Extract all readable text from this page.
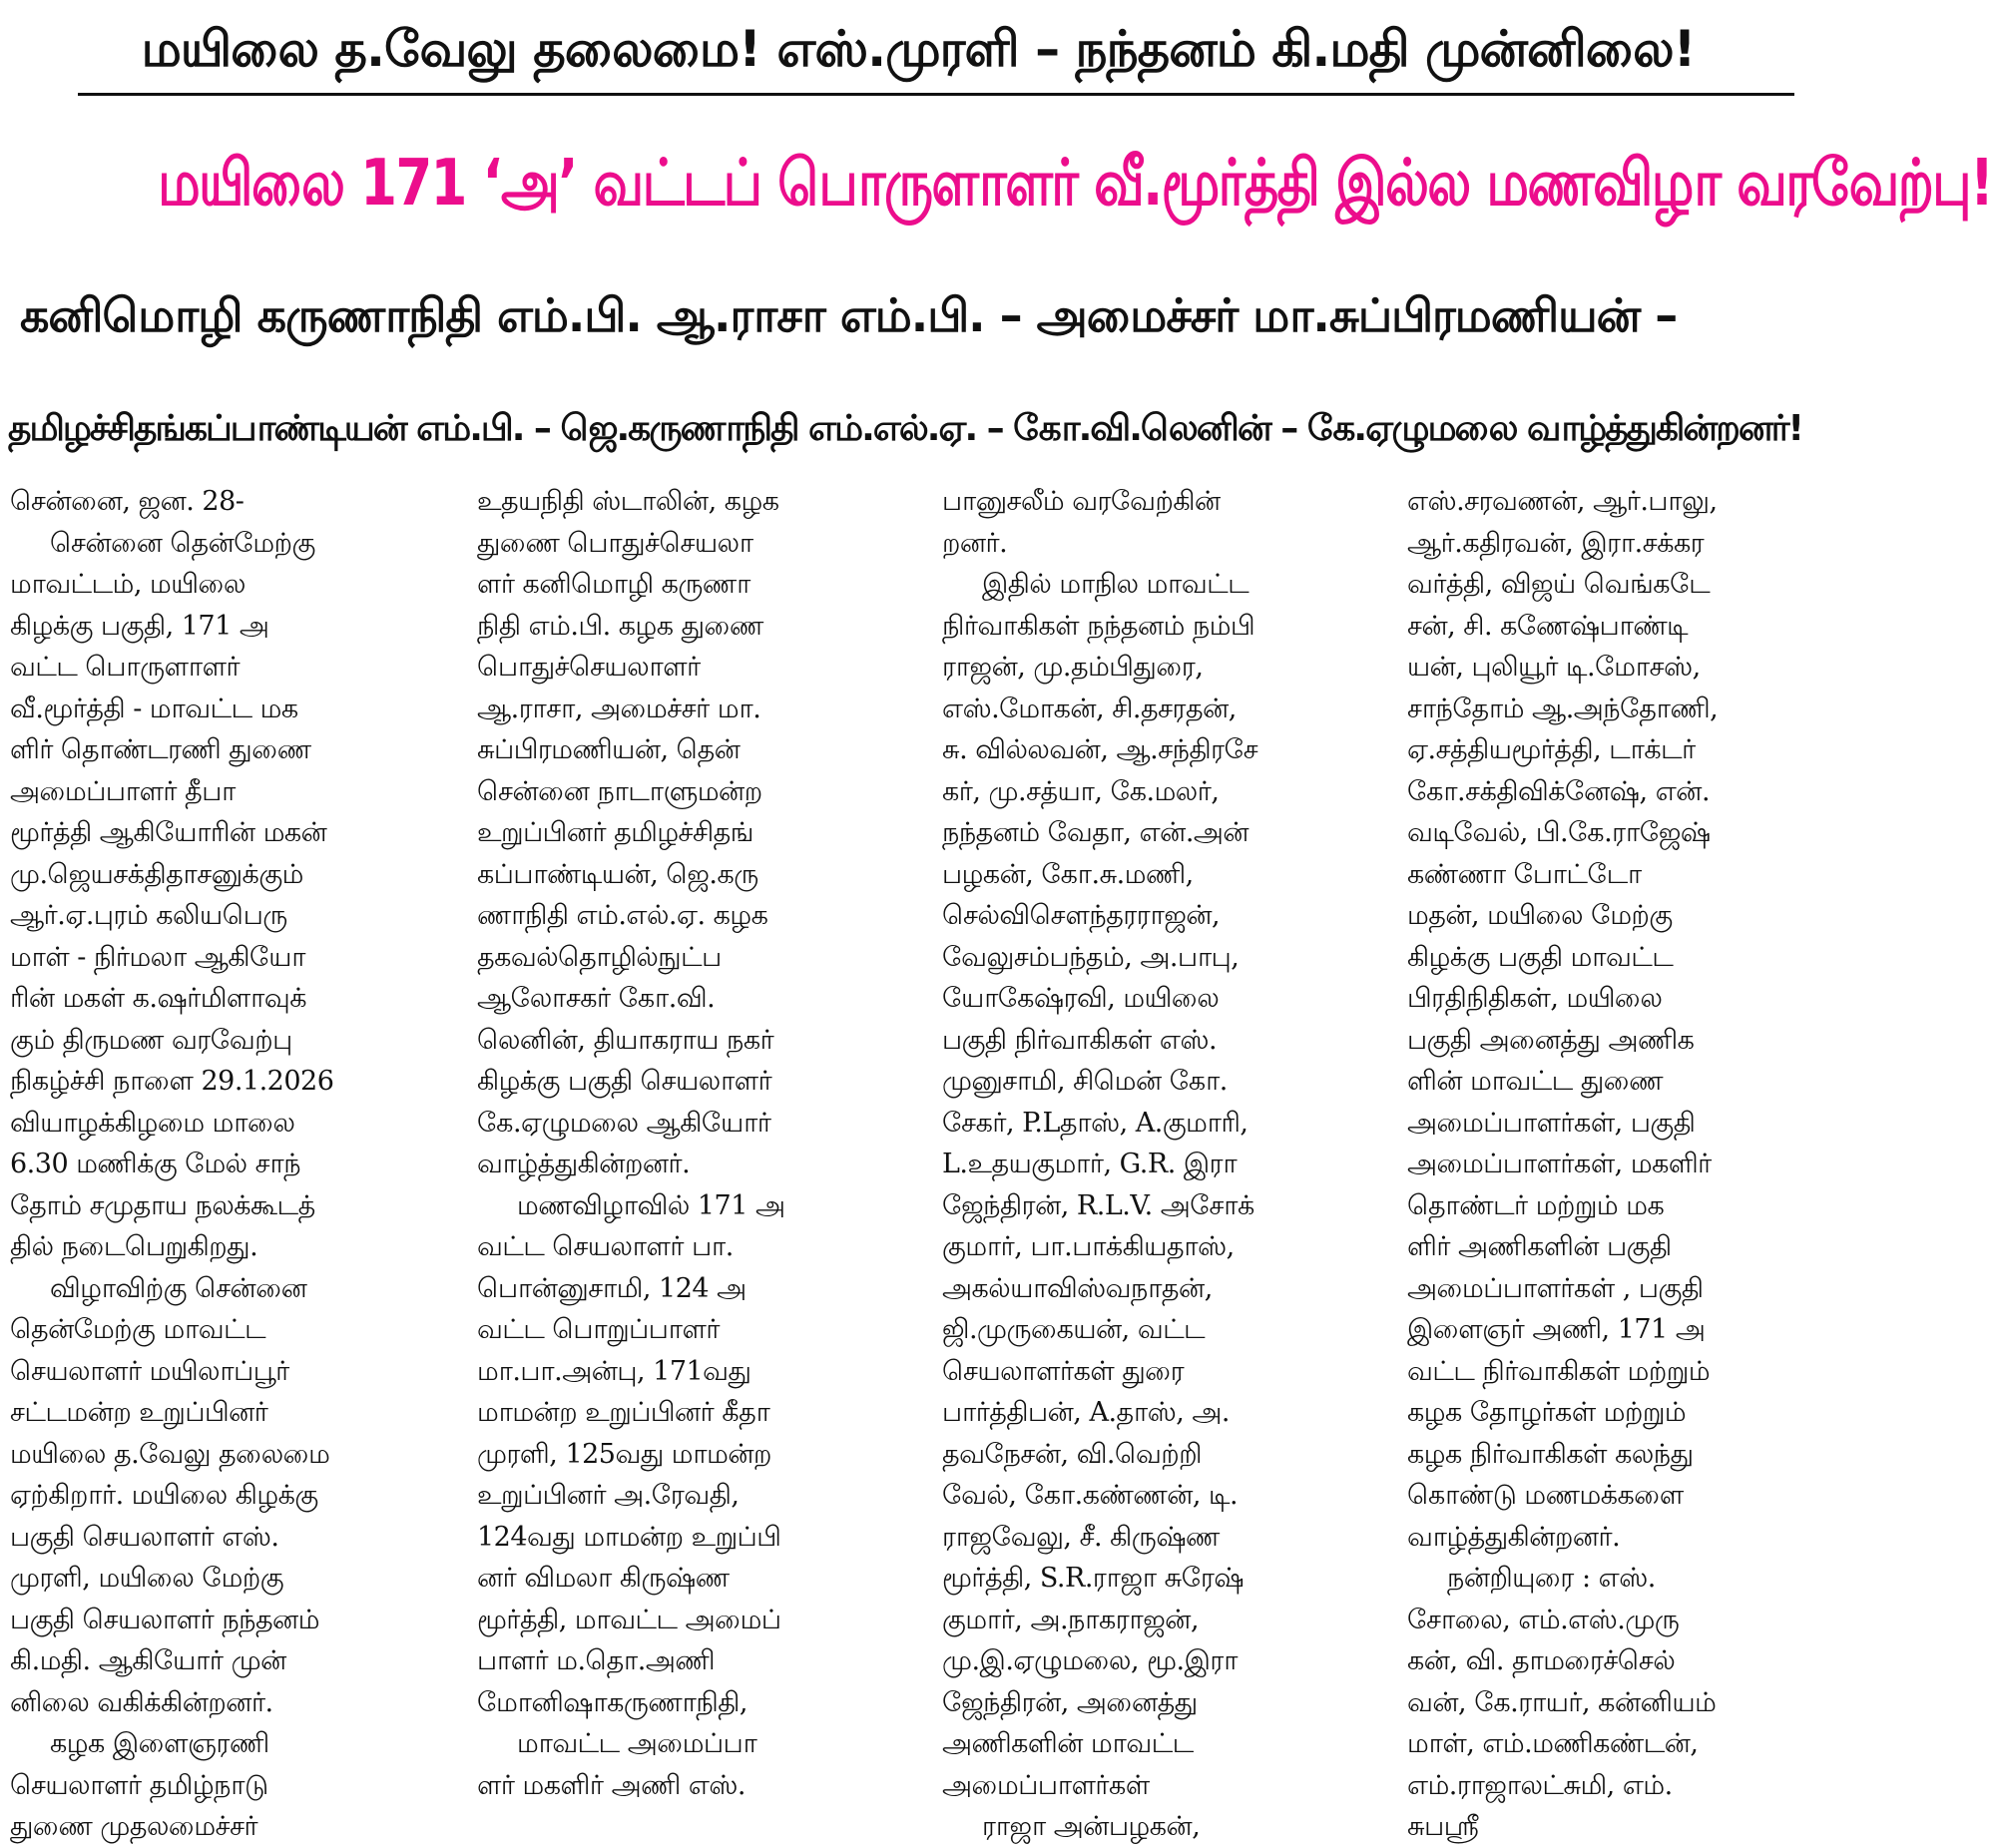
மயிலை த.வேலு தலைமை! எஸ்.முரளி – நந்தனம் கி.மதி முன்னிலை!
மயிலை 171 ‘அ’ வட்டப் பொருளாளர் வீ.மூர்த்தி இல்ல மணவிழா வரவேற்பு!
கனிமொழி கருணாநிதி எம்.பி. ஆ.ராசா எம்.பி. – அமைச்சர் மா.சுப்பிரமணியன் –
தமிழச்சிதங்கப்பாண்டியன் எம்.பி. – ஜெ.கருணாநிதி எம்.எல்.ஏ. – கோ.வி.லெனின் – கே.ஏழுமலை வாழ்த்துகின்றனர்!
சென்னை, ஜன. 28-
சென்னை தென்மேற்கு
மாவட்டம், மயிலை
கிழக்கு பகுதி, 171 அ
வட்ட பொருளாளர்
வீ.மூர்த்தி - மாவட்ட மக
ளிர் தொண்டரணி துணை
அமைப்பாளர் தீபா
மூர்த்தி ஆகியோரின் மகன்
மு.ஜெயசக்திதாசனுக்கும்
ஆர்.ஏ.புரம் கலியபெரு
மாள் - நிர்மலா ஆகியோ
ரின் மகள் க.ஷர்மிளாவுக்
கும் திருமண வரவேற்பு
நிகழ்ச்சி நாளை 29.1.2026
வியாழக்கிழமை மாலை
6.30 மணிக்கு மேல் சாந்
தோம் சமுதாய நலக்கூடத்
தில் நடைபெறுகிறது.
விழாவிற்கு சென்னை
தென்மேற்கு மாவட்ட
செயலாளர் மயிலாப்பூர்
சட்டமன்ற உறுப்பினர்
மயிலை த.வேலு தலைமை
ஏற்கிறார். மயிலை கிழக்கு
பகுதி செயலாளர் எஸ்.
முரளி, மயிலை மேற்கு
பகுதி செயலாளர் நந்தனம்
கி.மதி. ஆகியோர் முன்
னிலை வகிக்கின்றனர்.
கழக இளைஞரணி
செயலாளர் தமிழ்நாடு
துணை முதலமைச்சர்
உதயநிதி ஸ்டாலின், கழக
துணை பொதுச்செயலா
ளர் கனிமொழி கருணா
நிதி எம்.பி. கழக துணை
பொதுச்செயலாளர்
ஆ.ராசா, அமைச்சர் மா.
சுப்பிரமணியன், தென்
சென்னை நாடாளுமன்ற
உறுப்பினர் தமிழச்சிதங்
கப்பாண்டியன், ஜெ.கரு
ணாநிதி எம்.எல்.ஏ. கழக
தகவல்தொழில்நுட்ப
ஆலோசகர் கோ.வி.
லெனின், தியாகராய நகர்
கிழக்கு பகுதி செயலாளர்
கே.ஏழுமலை ஆகியோர்
வாழ்த்துகின்றனர்.
மணவிழாவில் 171 அ
வட்ட செயலாளர் பா.
பொன்னுசாமி, 124 அ
வட்ட பொறுப்பாளர்
மா.பா.அன்பு, 171வது
மாமன்ற உறுப்பினர் கீதா
முரளி, 125வது மாமன்ற
உறுப்பினர் அ.ரேவதி,
124வது மாமன்ற உறுப்பி
னர் விமலா கிருஷ்ண
மூர்த்தி, மாவட்ட அமைப்
பாளர் ம.தொ.அணி
மோனிஷாகருணாநிதி,
மாவட்ட அமைப்பா
ளர் மகளிர் அணி எஸ்.
பானுசலீம் வரவேற்கின்
றனர்.
இதில் மாநில மாவட்ட
நிர்வாகிகள் நந்தனம் நம்பி
ராஜன், மு.தம்பிதுரை,
எஸ்.மோகன், சி.தசரதன்,
சு. வில்லவன், ஆ.சந்திரசே
கர், மு.சத்யா, கே.மலர்,
நந்தனம் வேதா, என்.அன்
பழகன், கோ.சு.மணி,
செல்விசௌந்தரராஜன்,
வேலுசம்பந்தம், அ.பாபு,
யோகேஷ்ரவி, மயிலை
பகுதி நிர்வாகிகள் எஸ்.
முனுசாமி, சிமென் கோ.
சேகர், P.Lதாஸ், A.குமாரி,
L.உதயகுமார், G.R. இரா
ஜேந்திரன், R.L.V. அசோக்
குமார், பா.பாக்கியதாஸ்,
அகல்யாவிஸ்வநாதன்,
ஜி.முருகையன், வட்ட
செயலாளர்கள் துரை
பார்த்திபன், A.தாஸ், அ.
தவநேசன், வி.வெற்றி
வேல், கோ.கண்ணன், டி.
ராஜவேலு, சீ. கிருஷ்ண
மூர்த்தி, S.R.ராஜா சுரேஷ்
குமார், அ.நாகராஜன்,
மு.இ.ஏழுமலை, மூ.இரா
ஜேந்திரன், அனைத்து
அணிகளின் மாவட்ட
அமைப்பாளர்கள்
ராஜா அன்பழகன்,
எஸ்.சரவணன், ஆர்.பாலு,
ஆர்.கதிரவன், இரா.சக்கர
வர்த்தி, விஜய் வெங்கடே
சன், சி. கணேஷ்பாண்டி
யன், புலியூர் டி.மோசஸ்,
சாந்தோம் ஆ.அந்தோணி,
ஏ.சத்தியமூர்த்தி, டாக்டர்
கோ.சக்திவிக்னேஷ், என்.
வடிவேல், பி.கே.ராஜேஷ்
கண்ணா போட்டோ
மதன், மயிலை மேற்கு
கிழக்கு பகுதி மாவட்ட
பிரதிநிதிகள், மயிலை
பகுதி அனைத்து அணிக
ளின் மாவட்ட துணை
அமைப்பாளர்கள், பகுதி
அமைப்பாளர்கள், மகளிர்
தொண்டர் மற்றும் மக
ளிர் அணிகளின் பகுதி
அமைப்பாளர்கள் , பகுதி
இளைஞர் அணி, 171 அ
வட்ட நிர்வாகிகள் மற்றும்
கழக தோழர்கள் மற்றும்
கழக நிர்வாகிகள் கலந்து
கொண்டு மணமக்களை
வாழ்த்துகின்றனர்.
நன்றியுரை : எஸ்.
சோலை, எம்.எஸ்.முரு
கன், வி. தாமரைச்செல்
வன், கே.ராயர், கன்னியம்
மாள், எம்.மணிகண்டன்,
எம்.ராஜாலட்சுமி, எம்.
சுபஸ்ரீ
